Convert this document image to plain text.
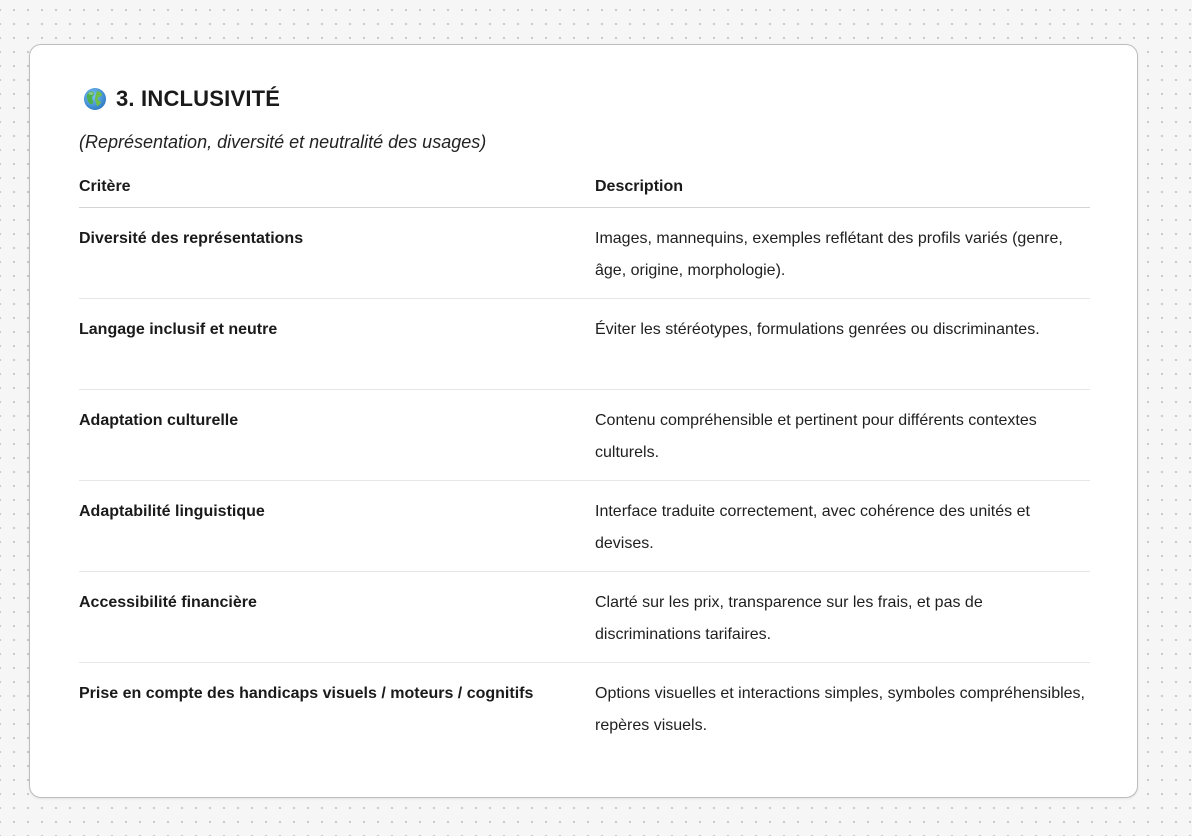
3. INCLUSIVITÉ
(Représentation, diversité et neutralité des usages)
Critère	Description
Diversité des représentations	Images, mannequins, exemples reflétant des profils variés (genre, âge, origine, morphologie).
Langage inclusif et neutre	Éviter les stéréotypes, formulations genrées ou discriminantes.
Adaptation culturelle	Contenu compréhensible et pertinent pour différents contextes culturels.
Adaptabilité linguistique	Interface traduite correctement, avec cohérence des unités et devises.
Accessibilité financière	Clarté sur les prix, transparence sur les frais, et pas de discriminations tarifaires.
Prise en compte des handicaps visuels / moteurs / cognitifs	Options visuelles et interactions simples, symboles compréhensibles, repères visuels.
